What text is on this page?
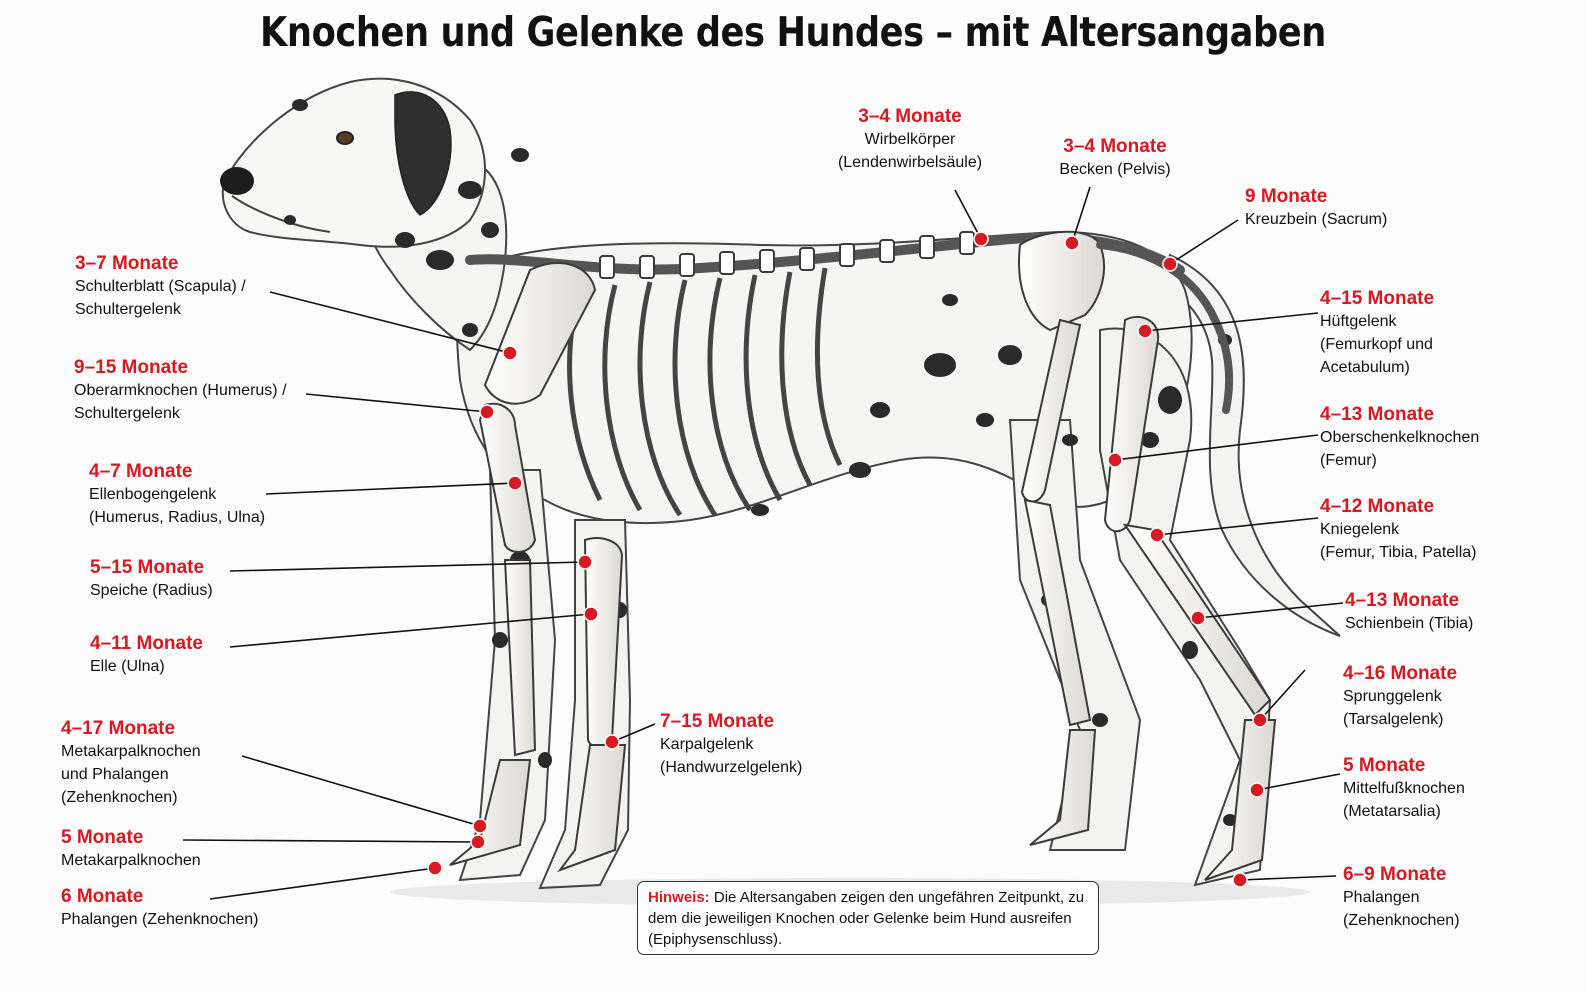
Knochen und Gelenke des Hundes – mit Altersangaben
3–7 Monate
Schulterblatt (Scapula) /
Schultergelenk
9–15 Monate
Oberarmknochen (Humerus) /
Schultergelenk
4–7 Monate
Ellenbogengelenk
(Humerus, Radius, Ulna)
5–15 Monate
Speiche (Radius)
4–11 Monate
Elle (Ulna)
4–17 Monate
Metakarpalknochen
und Phalangen
(Zehenknochen)
5 Monate
Metakarpalknochen
6 Monate
Phalangen (Zehenknochen)
7–15 Monate
Karpalgelenk
(Handwurzelgelenk)
3–4 Monate
Wirbelkörper
(Lendenwirbelsäule)
3–4 Monate
Becken (Pelvis)
9 Monate
Kreuzbein (Sacrum)
4–15 Monate
Hüftgelenk
(Femurkopf und
Acetabulum)
4–13 Monate
Oberschenkelknochen
(Femur)
4–12 Monate
Kniegelenk
(Femur, Tibia, Patella)
4–13 Monate
Schienbein (Tibia)
4–16 Monate
Sprunggelenk
(Tarsalgelenk)
5 Monate
Mittelfußknochen
(Metatarsalia)
6–9 Monate
Phalangen
(Zehenknochen)
Hinweis: Die Altersangaben zeigen den ungefähren Zeitpunkt, zu dem die jeweiligen Knochen oder Gelenke beim Hund ausreifen (Epiphysenschluss).
